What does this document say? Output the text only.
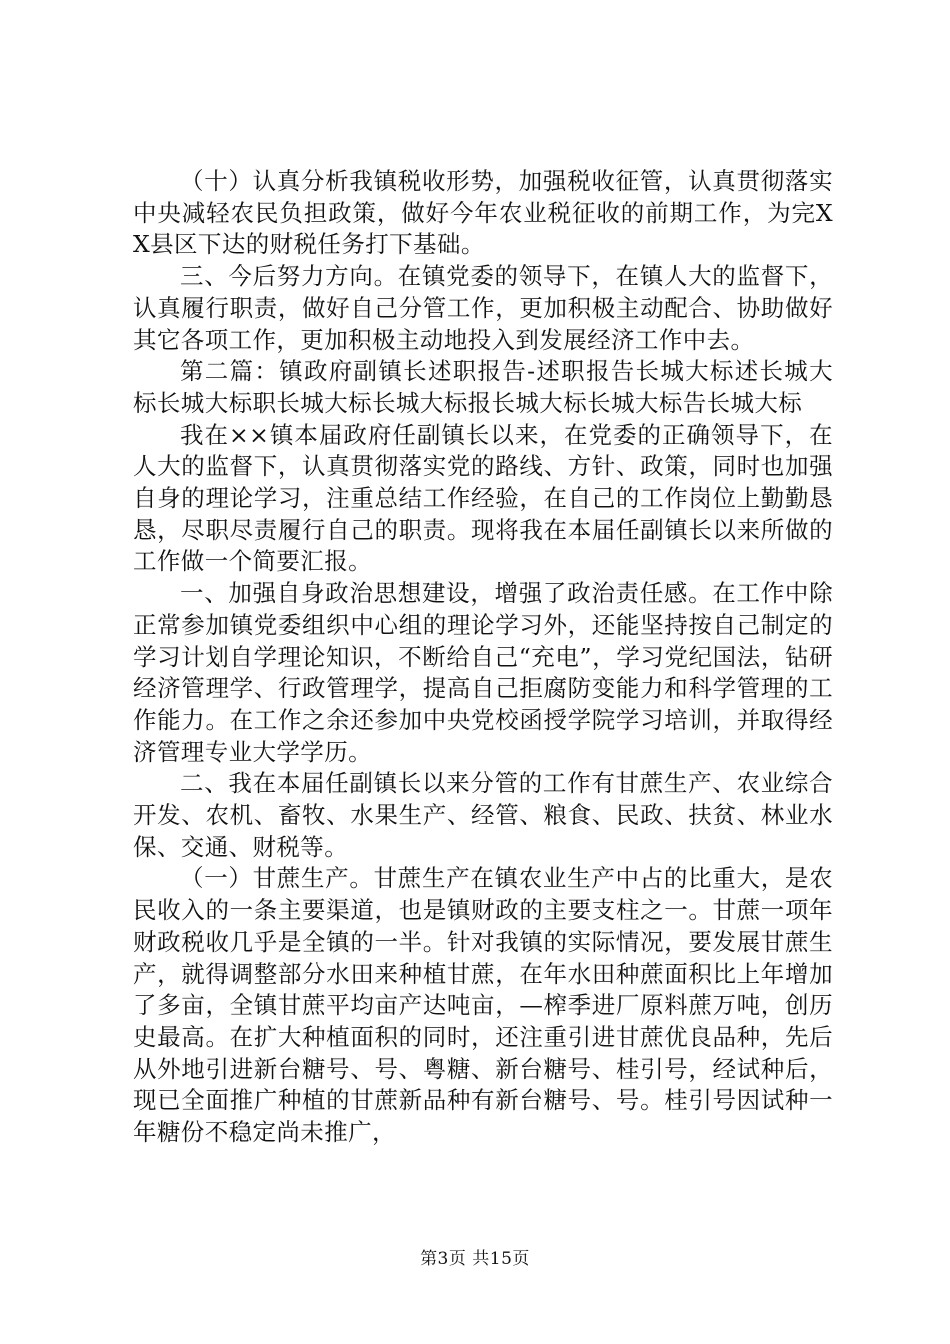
（十）认真分析我镇税收形势，加强税收征管，认真贯彻落实中央减轻农民负担政策，做好今年农业税征收的前期工作，为完XX县区下达的财税任务打下基础。

三、今后努力方向。在镇党委的领导下，在镇人大的监督下，认真履行职责，做好自己分管工作，更加积极主动配合、协助做好其它各项工作，更加积极主动地投入到发展经济工作中去。

第二篇：镇政府副镇长述职报告-述职报告长城大标述长城大标长城大标职长城大标长城大标报长城大标长城大标告长城大标

我在××镇本届政府任副镇长以来，在党委的正确领导下，在人大的监督下，认真贯彻落实党的路线、方针、政策，同时也加强自身的理论学习，注重总结工作经验，在自己的工作岗位上勤勤恳恳，尽职尽责履行自己的职责。现将我在本届任副镇长以来所做的工作做一个简要汇报。

一、加强自身政治思想建设，增强了政治责任感。在工作中除正常参加镇党委组织中心组的理论学习外，还能坚持按自己制定的学习计划自学理论知识，不断给自己“充电”，学习党纪国法，钻研经济管理学、行政管理学，提高自己拒腐防变能力和科学管理的工作能力。在工作之余还参加中央党校函授学院学习培训，并取得经济管理专业大学学历。

二、我在本届任副镇长以来分管的工作有甘蔗生产、农业综合开发、农机、畜牧、水果生产、经管、粮食、民政、扶贫、林业水保、交通、财税等。

（一）甘蔗生产。甘蔗生产在镇农业生产中占的比重大，是农民收入的一条主要渠道，也是镇财政的主要支柱之一。甘蔗一项年财政税收几乎是全镇的一半。针对我镇的实际情况，要发展甘蔗生产，就得调整部分水田来种植甘蔗，在年水田种蔗面积比上年增加了多亩，全镇甘蔗平均亩产达吨亩，—榨季进厂原料蔗万吨，创历史最高。在扩大种植面积的同时，还注重引进甘蔗优良品种，先后从外地引进新台糖号、号、粤糖、新台糖号、桂引号，经试种后，现已全面推广种植的甘蔗新品种有新台糖号、号。桂引号因试种一年糖份不稳定尚未推广，

第3页 共15页
